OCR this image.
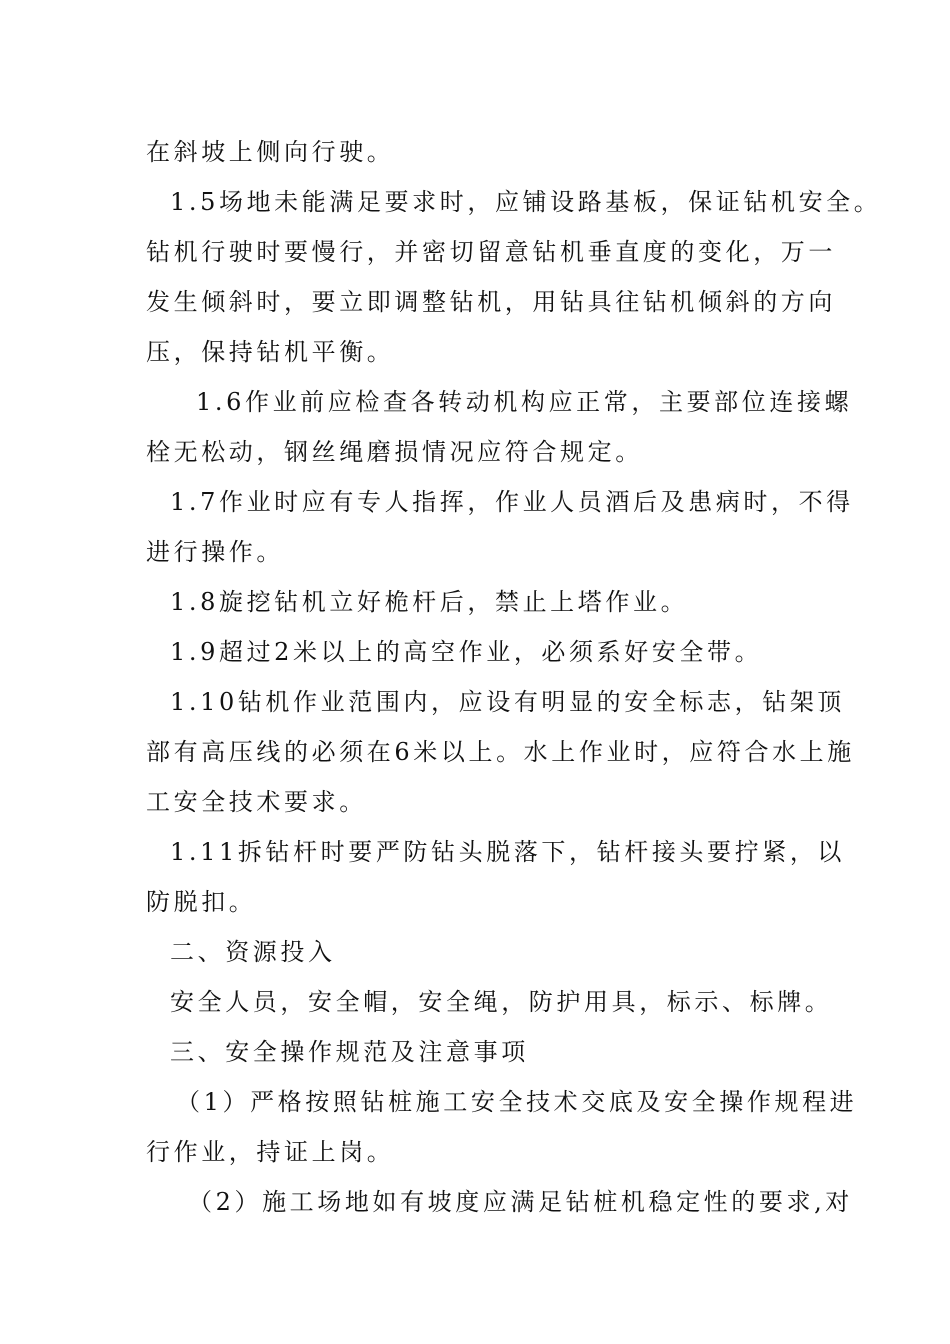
在斜坡上侧向行驶。
1.5场地未能满足要求时，应铺设路基板，保证钻机安全。
钻机行驶时要慢行，并密切留意钻机垂直度的变化，万一
发生倾斜时，要立即调整钻机，用钻具往钻机倾斜的方向
压，保持钻机平衡。
1.6作业前应检查各转动机构应正常，主要部位连接螺
栓无松动，钢丝绳磨损情况应符合规定。
1.7作业时应有专人指挥，作业人员酒后及患病时，不得
进行操作。
1.8旋挖钻机立好桅杆后，禁止上塔作业。
1.9超过2米以上的高空作业，必须系好安全带。
1.10钻机作业范围内，应设有明显的安全标志，钻架顶
部有高压线的必须在6米以上。水上作业时，应符合水上施
工安全技术要求。
1.11拆钻杆时要严防钻头脱落下，钻杆接头要拧紧，以
防脱扣。
二、资源投入
安全人员，安全帽，安全绳，防护用具，标示、标牌。
三、安全操作规范及注意事项
（1）严格按照钻桩施工安全技术交底及安全操作规程进
行作业，持证上岗。
（2）施工场地如有坡度应满足钻桩机稳定性的要求,对
